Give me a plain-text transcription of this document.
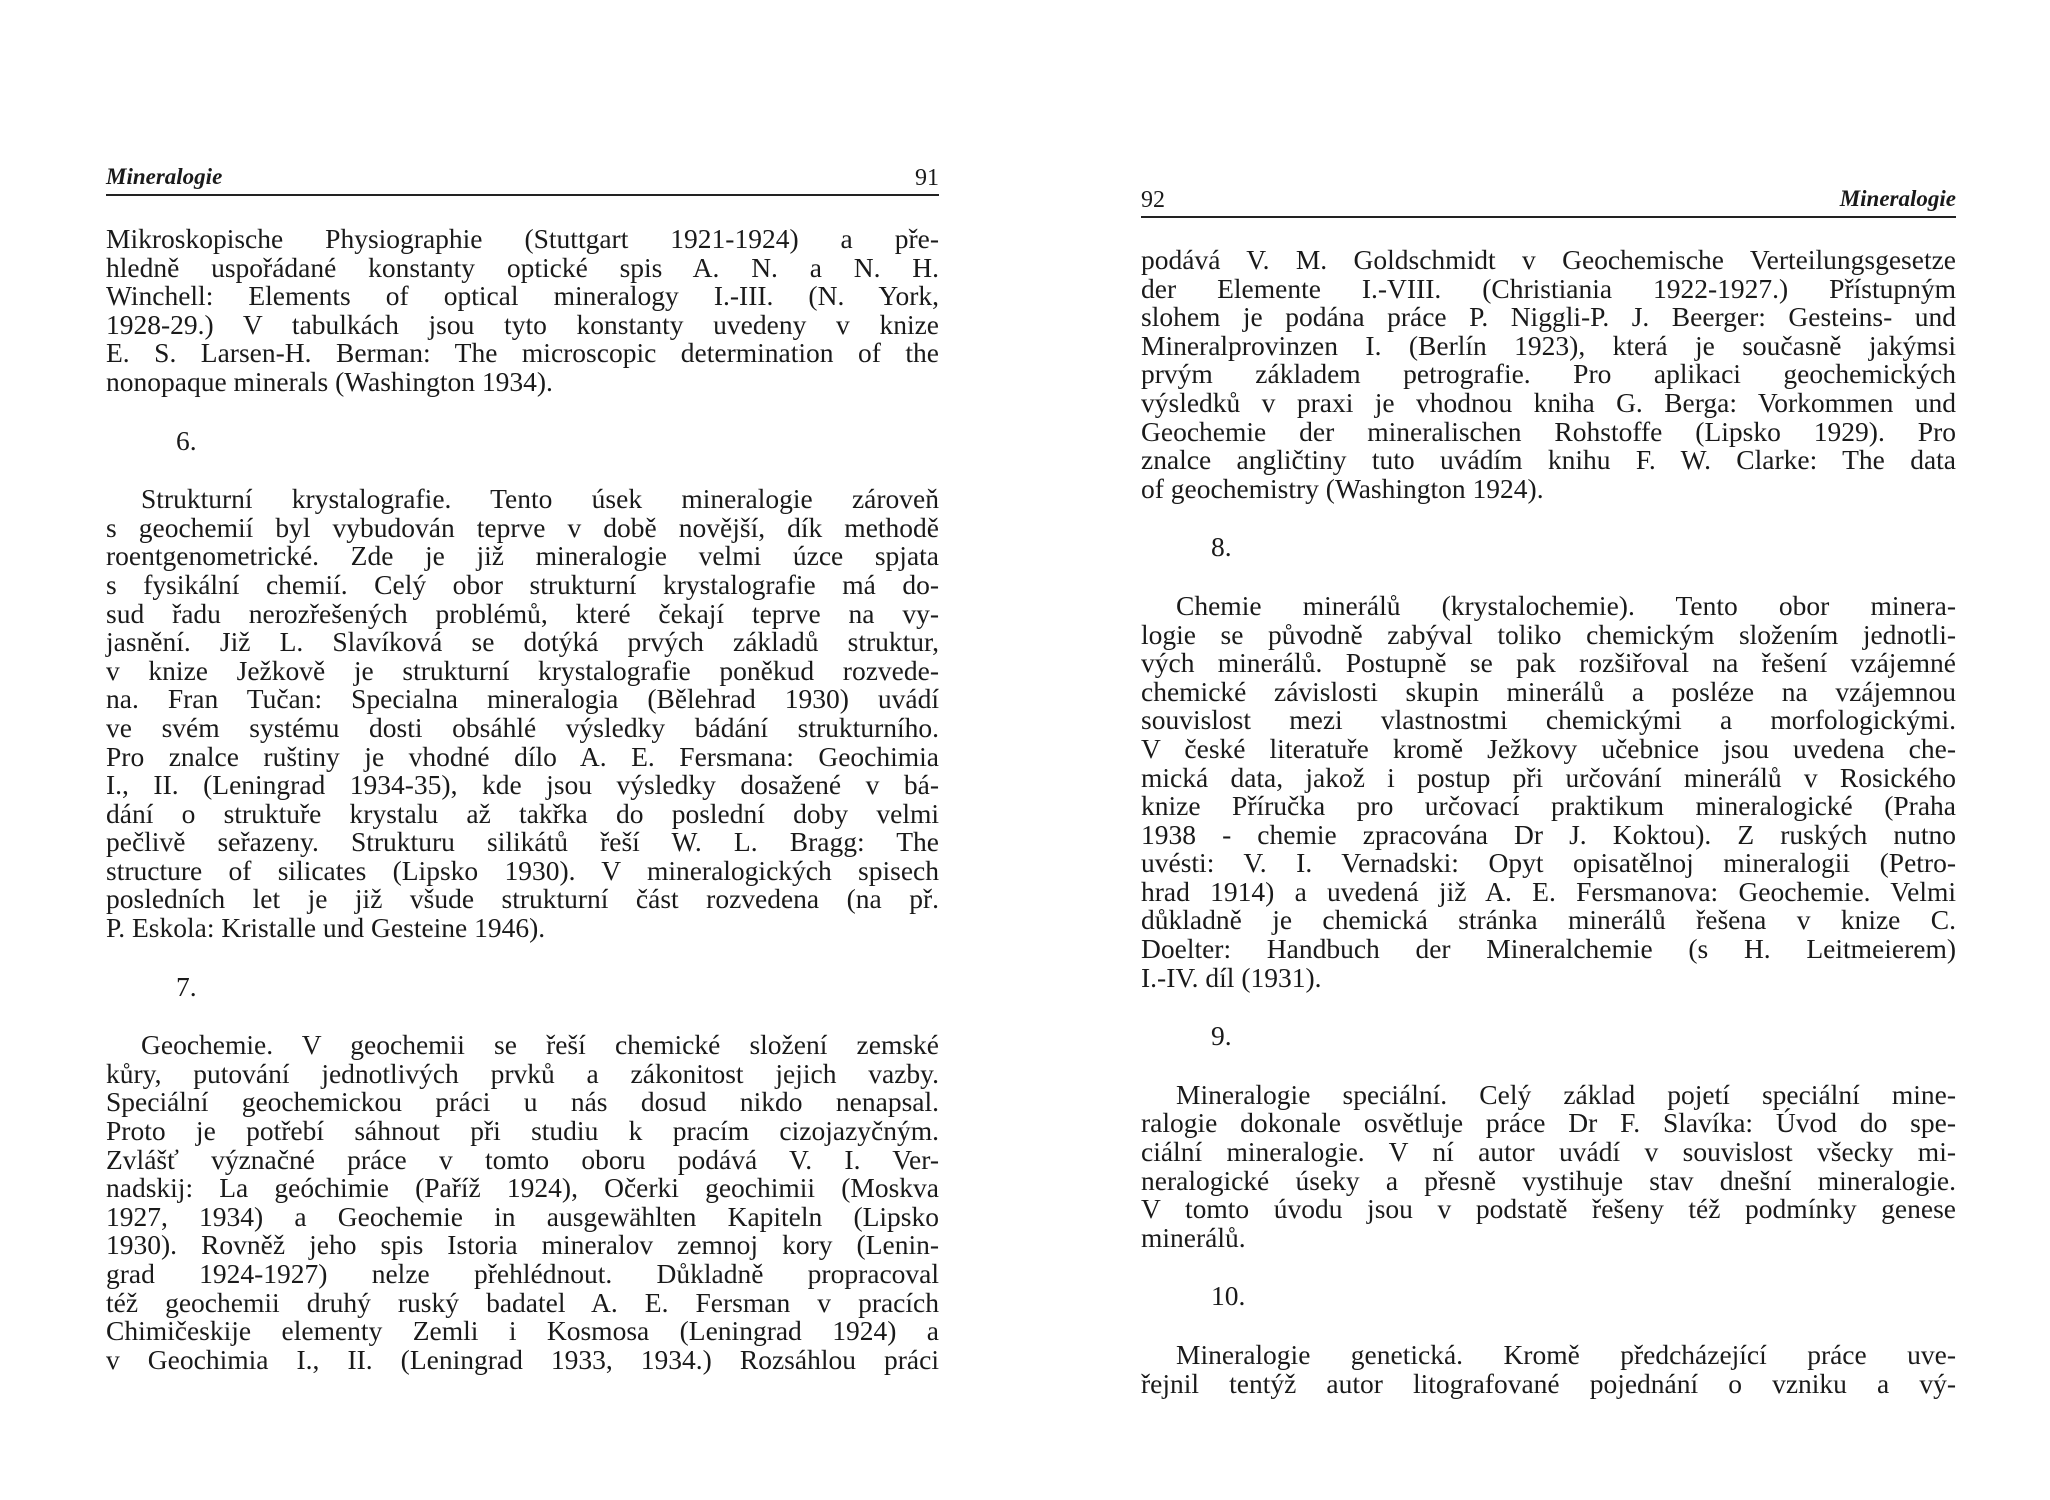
Mineralogie	91
Mikroskopische Physiographie (Stuttgart 1921-1924) a pře-
hledně uspořádané konstanty optické spis A. N. a N. H.
Winchell: Elements of optical mineralogy I.-III. (N. York,
1928-29.) V tabulkách jsou tyto konstanty uvedeny v knize
E. S. Larsen-H. Berman: The microscopic determination of the
nonopaque minerals (Washington 1934).
6.
Strukturní krystalografie. Tento úsek mineralogie zároveň
s geochemií byl vybudován teprve v době novější, dík methodě
roentgenometrické. Zde je již mineralogie velmi úzce spjata
s fysikální chemií. Celý obor strukturní krystalografie má do-
sud řadu nerozřešených problémů, které čekají teprve na vy-
jasnění. Již L. Slavíková se dotýká prvých základů struktur,
v knize Ježkově je strukturní krystalografie poněkud rozvede-
na. Fran Tučan: Specialna mineralogia (Bělehrad 1930) uvádí
ve svém systému dosti obsáhlé výsledky bádání strukturního.
Pro znalce ruštiny je vhodné dílo A. E. Fersmana: Geochimia
I., II. (Leningrad 1934-35), kde jsou výsledky dosažené v bá-
dání o struktuře krystalu až takřka do poslední doby velmi
pečlivě seřazeny. Strukturu silikátů řeší W. L. Bragg: The
structure of silicates (Lipsko 1930). V mineralogických spisech
posledních let je již všude strukturní část rozvedena (na př.
P. Eskola: Kristalle und Gesteine 1946).
7.
Geochemie. V geochemii se řeší chemické složení zemské
kůry, putování jednotlivých prvků a zákonitost jejich vazby.
Speciální geochemickou práci u nás dosud nikdo nenapsal.
Proto je potřebí sáhnout při studiu k pracím cizojazyčným.
Zvlášť význačné práce v tomto oboru podává V. I. Ver-
nadskij: La geóchimie (Paříž 1924), Očerki geochimii (Moskva
1927, 1934) a Geochemie in ausgewählten Kapiteln (Lipsko
1930). Rovněž jeho spis Istoria mineralov zemnoj kory (Lenin-
grad 1924-1927) nelze přehlédnout. Důkladně propracoval
též geochemii druhý ruský badatel A. E. Fersman v pracích
Chimičeskije elementy Zemli i Kosmosa (Leningrad 1924) a
v Geochimia I., II. (Leningrad 1933, 1934.) Rozsáhlou práci
92	Mineralogie
podává V. M. Goldschmidt v Geochemische Verteilungsgesetze
der Elemente I.-VIII. (Christiania 1922-1927.) Přístupným
slohem je podána práce P. Niggli-P. J. Beerger: Gesteins- und
Mineralprovinzen I. (Berlín 1923), která je současně jakýmsi
prvým základem petrografie. Pro aplikaci geochemických
výsledků v praxi je vhodnou kniha G. Berga: Vorkommen und
Geochemie der mineralischen Rohstoffe (Lipsko 1929). Pro
znalce angličtiny tuto uvádím knihu F. W. Clarke: The data
of geochemistry (Washington 1924).
8.
Chemie minerálů (krystalochemie). Tento obor minera-
logie se původně zabýval toliko chemickým složením jednotli-
vých minerálů. Postupně se pak rozšiřoval na řešení vzájemné
chemické závislosti skupin minerálů a posléze na vzájemnou
souvislost mezi vlastnostmi chemickými a morfologickými.
V české literatuře kromě Ježkovy učebnice jsou uvedena che-
mická data, jakož i postup při určování minerálů v Rosického
knize Příručka pro určovací praktikum mineralogické (Praha
1938 - chemie zpracována Dr J. Koktou). Z ruských nutno
uvésti: V. I. Vernadski: Opyt opisatělnoj mineralogii (Petro-
hrad 1914) a uvedená již A. E. Fersmanova: Geochemie. Velmi
důkladně je chemická stránka minerálů řešena v knize C.
Doelter: Handbuch der Mineralchemie (s H. Leitmeierem)
I.-IV. díl (1931).
9.
Mineralogie speciální. Celý základ pojetí speciální mine-
ralogie dokonale osvětluje práce Dr F. Slavíka: Úvod do spe-
ciální mineralogie. V ní autor uvádí v souvislost všecky mi-
neralogické úseky a přesně vystihuje stav dnešní mineralogie.
V tomto úvodu jsou v podstatě řešeny též podmínky genese
minerálů.
10.
Mineralogie genetická. Kromě předcházející práce uve-
řejnil tentýž autor litografované pojednání o vzniku a vý-
